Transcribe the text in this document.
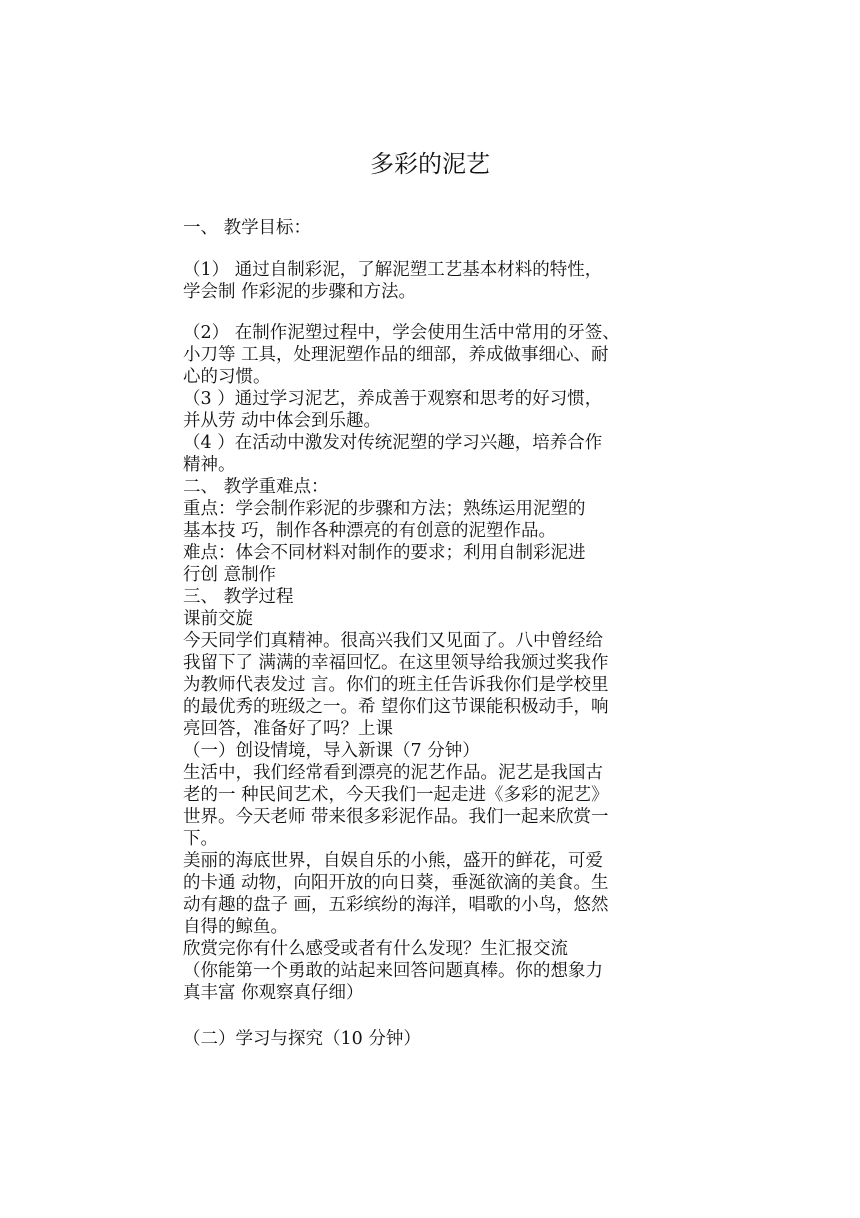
多彩的泥艺
一、 教学目标：
（1） 通过自制彩泥，了解泥塑工艺基本材料的特性，
学会制 作彩泥的步骤和方法。
（2） 在制作泥塑过程中，学会使用生活中常用的牙签、
小刀等 工具，处理泥塑作品的细部，养成做事细心、耐
心的习惯。
（3 ）通过学习泥艺，养成善于观察和思考的好习惯，
并从劳 动中体会到乐趣。
（4 ）在活动中激发对传统泥塑的学习兴趣，培养合作
精神。
二、 教学重难点：
重点：学会制作彩泥的步骤和方法；熟练运用泥塑的
基本技 巧，制作各种漂亮的有创意的泥塑作品。
难点：体会不同材料对制作的要求；利用自制彩泥进
行创 意制作
三、 教学过程
课前交旋
今天同学们真精神。很高兴我们又见面了。八中曾经给
我留下了 满满的幸福回忆。在这里领导给我颁过奖我作
为教师代表发过 言。你们的班主任告诉我你们是学校里
的最优秀的班级之一。希 望你们这节课能积极动手，响
亮回答，准备好了吗？上课
（一）创设情境，导入新课（7 分钟）
生活中，我们经常看到漂亮的泥艺作品。泥艺是我国古
老的一 种民间艺术，今天我们一起走进《多彩的泥艺》
世界。今天老师 带来很多彩泥作品。我们一起来欣赏一
下。
美丽的海底世界，自娱自乐的小熊，盛开的鲜花，可爱
的卡通 动物，向阳开放的向日葵，垂涎欲滴的美食。生
动有趣的盘子 画，五彩缤纷的海洋，唱歌的小鸟，悠然
自得的鲸鱼。
欣赏完你有什么感受或者有什么发现？生汇报交流
（你能第一个勇敢的站起来回答问题真棒。你的想象力
真丰富 你观察真仔细）
（二）学习与探究（10 分钟）
